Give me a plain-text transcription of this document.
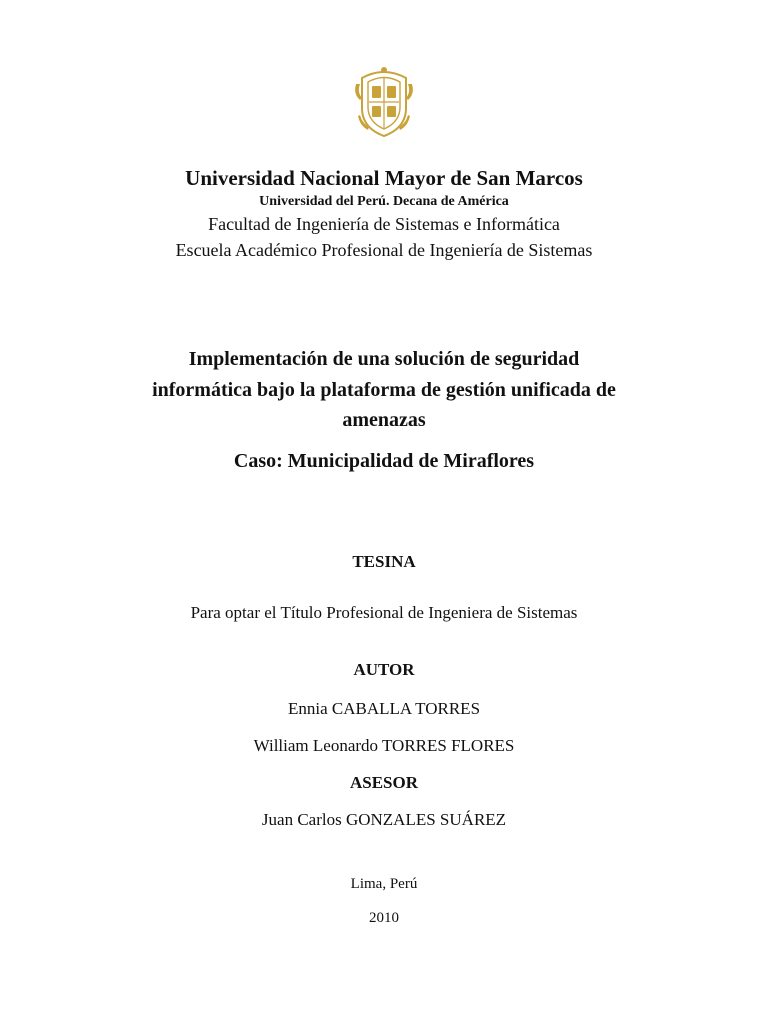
Universidad Nacional Mayor de San Marcos
Universidad del Perú. Decana de América
Facultad de Ingeniería de Sistemas e Informática
Escuela Académico Profesional de Ingeniería de Sistemas
Implementación de una solución de seguridad
informática bajo la plataforma de gestión unificada de
amenazas
Caso: Municipalidad de Miraflores
TESINA
Para optar el Título Profesional de Ingeniera de Sistemas
AUTOR
Ennia CABALLA TORRES
William Leonardo TORRES FLORES
ASESOR
Juan Carlos GONZALES SUÁREZ
Lima, Perú
2010
